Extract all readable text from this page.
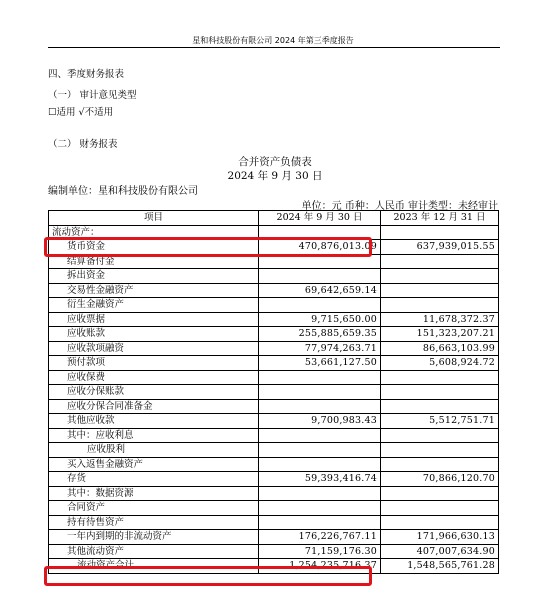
星和科技股份有限公司 2024 年第三季度报告
四、季度财务报表
（一） 审计意见类型
☐适用 √不适用
（二） 财务报表
合并资产负债表
2024 年 9 月 30 日
编制单位：星和科技股份有限公司
单位：元 币种：人民币 审计类型：未经审计
项目	2024 年 9 月 30 日	2023 年 12 月 31 日
流动资产：		
货币资金	470,876,013.09	637,939,015.55
结算备付金		
拆出资金		
交易性金融资产	69,642,659.14	
衍生金融资产		
应收票据	9,715,650.00	11,678,372.37
应收账款	255,885,659.35	151,323,207.21
应收款项融资	77,974,263.71	86,663,103.99
预付款项	53,661,127.50	5,608,924.72
应收保费		
应收分保账款		
应收分保合同准备金		
其他应收款	9,700,983.43	5,512,751.71
其中：应收利息		
应收股利		
买入返售金融资产		
存货	59,393,416.74	70,866,120.70
其中：数据资源		
合同资产		
持有待售资产		
一年内到期的非流动资产	176,226,767.11	171,966,630.13
其他流动资产	71,159,176.30	407,007,634.90
流动资产合计	1,254,235,716.37	1,548,565,761.28
